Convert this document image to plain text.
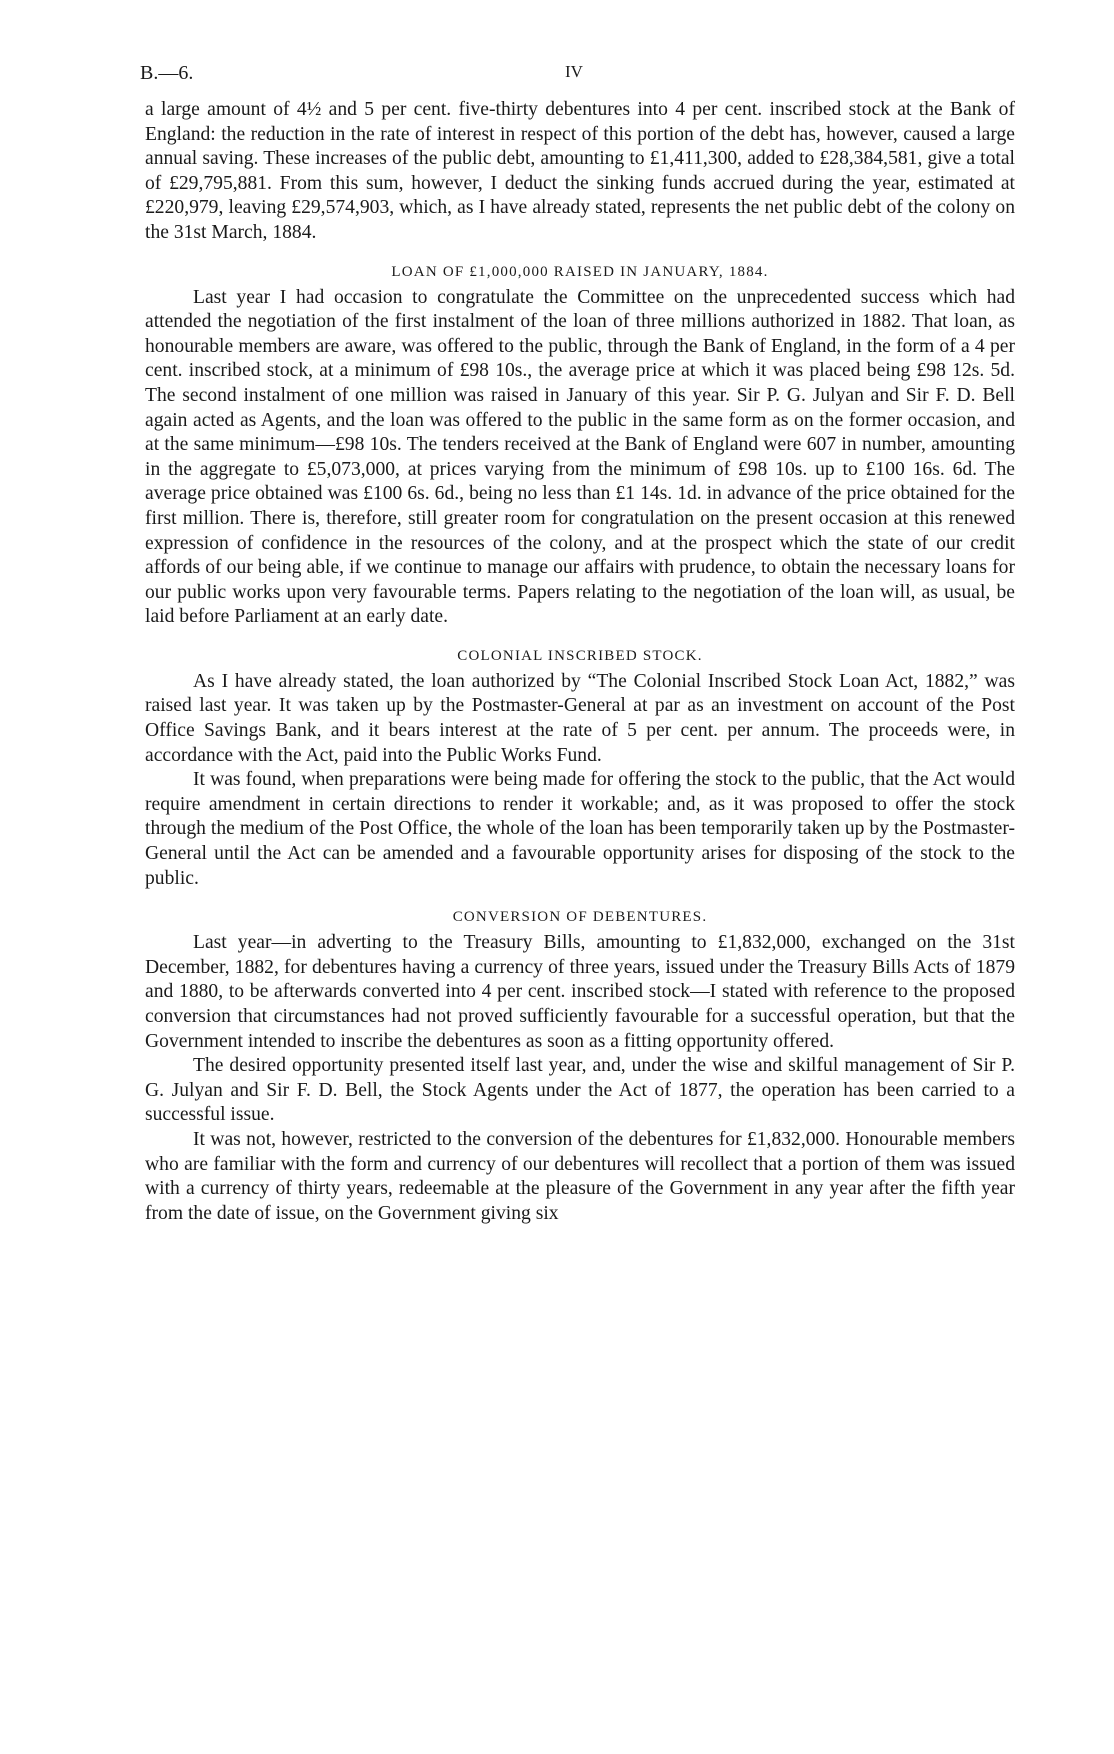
B.—6.	IV

a large amount of 4½ and 5 per cent. five-thirty debentures into 4 per cent. inscribed stock at the Bank of England: the reduction in the rate of interest in respect of this portion of the debt has, however, caused a large annual saving. These increases of the public debt, amounting to £1,411,300, added to £28,384,581, give a total of £29,795,881. From this sum, however, I deduct the sinking funds accrued during the year, estimated at £220,979, leaving £29,574,903, which, as I have already stated, represents the net public debt of the colony on the 31st March, 1884.

LOAN OF £1,000,000 RAISED IN JANUARY, 1884.

Last year I had occasion to congratulate the Committee on the unprecedented success which had attended the negotiation of the first instalment of the loan of three millions authorized in 1882. That loan, as honourable members are aware, was offered to the public, through the Bank of England, in the form of a 4 per cent. inscribed stock, at a minimum of £98 10s., the average price at which it was placed being £98 12s. 5d. The second instalment of one million was raised in January of this year. Sir P. G. Julyan and Sir F. D. Bell again acted as Agents, and the loan was offered to the public in the same form as on the former occasion, and at the same minimum—£98 10s. The tenders received at the Bank of England were 607 in number, amounting in the aggregate to £5,073,000, at prices varying from the minimum of £98 10s. up to £100 16s. 6d. The average price obtained was £100 6s. 6d., being no less than £1 14s. 1d. in advance of the price obtained for the first million. There is, therefore, still greater room for congratulation on the present occasion at this renewed expression of confidence in the resources of the colony, and at the prospect which the state of our credit affords of our being able, if we continue to manage our affairs with prudence, to obtain the necessary loans for our public works upon very favourable terms. Papers relating to the negotiation of the loan will, as usual, be laid before Parliament at an early date.

COLONIAL INSCRIBED STOCK.

As I have already stated, the loan authorized by “The Colonial Inscribed Stock Loan Act, 1882,” was raised last year. It was taken up by the Postmaster-General at par as an investment on account of the Post Office Savings Bank, and it bears interest at the rate of 5 per cent. per annum. The proceeds were, in accordance with the Act, paid into the Public Works Fund.

It was found, when preparations were being made for offering the stock to the public, that the Act would require amendment in certain directions to render it workable; and, as it was proposed to offer the stock through the medium of the Post Office, the whole of the loan has been temporarily taken up by the Postmaster-General until the Act can be amended and a favourable opportunity arises for disposing of the stock to the public.

CONVERSION OF DEBENTURES.

Last year—in adverting to the Treasury Bills, amounting to £1,832,000, exchanged on the 31st December, 1882, for debentures having a currency of three years, issued under the Treasury Bills Acts of 1879 and 1880, to be afterwards converted into 4 per cent. inscribed stock—I stated with reference to the proposed conversion that circumstances had not proved sufficiently favourable for a successful operation, but that the Government intended to inscribe the debentures as soon as a fitting opportunity offered.

The desired opportunity presented itself last year, and, under the wise and skilful management of Sir P. G. Julyan and Sir F. D. Bell, the Stock Agents under the Act of 1877, the operation has been carried to a successful issue.

It was not, however, restricted to the conversion of the debentures for £1,832,000. Honourable members who are familiar with the form and currency of our debentures will recollect that a portion of them was issued with a currency of thirty years, redeemable at the pleasure of the Government in any year after the fifth year from the date of issue, on the Government giving six
